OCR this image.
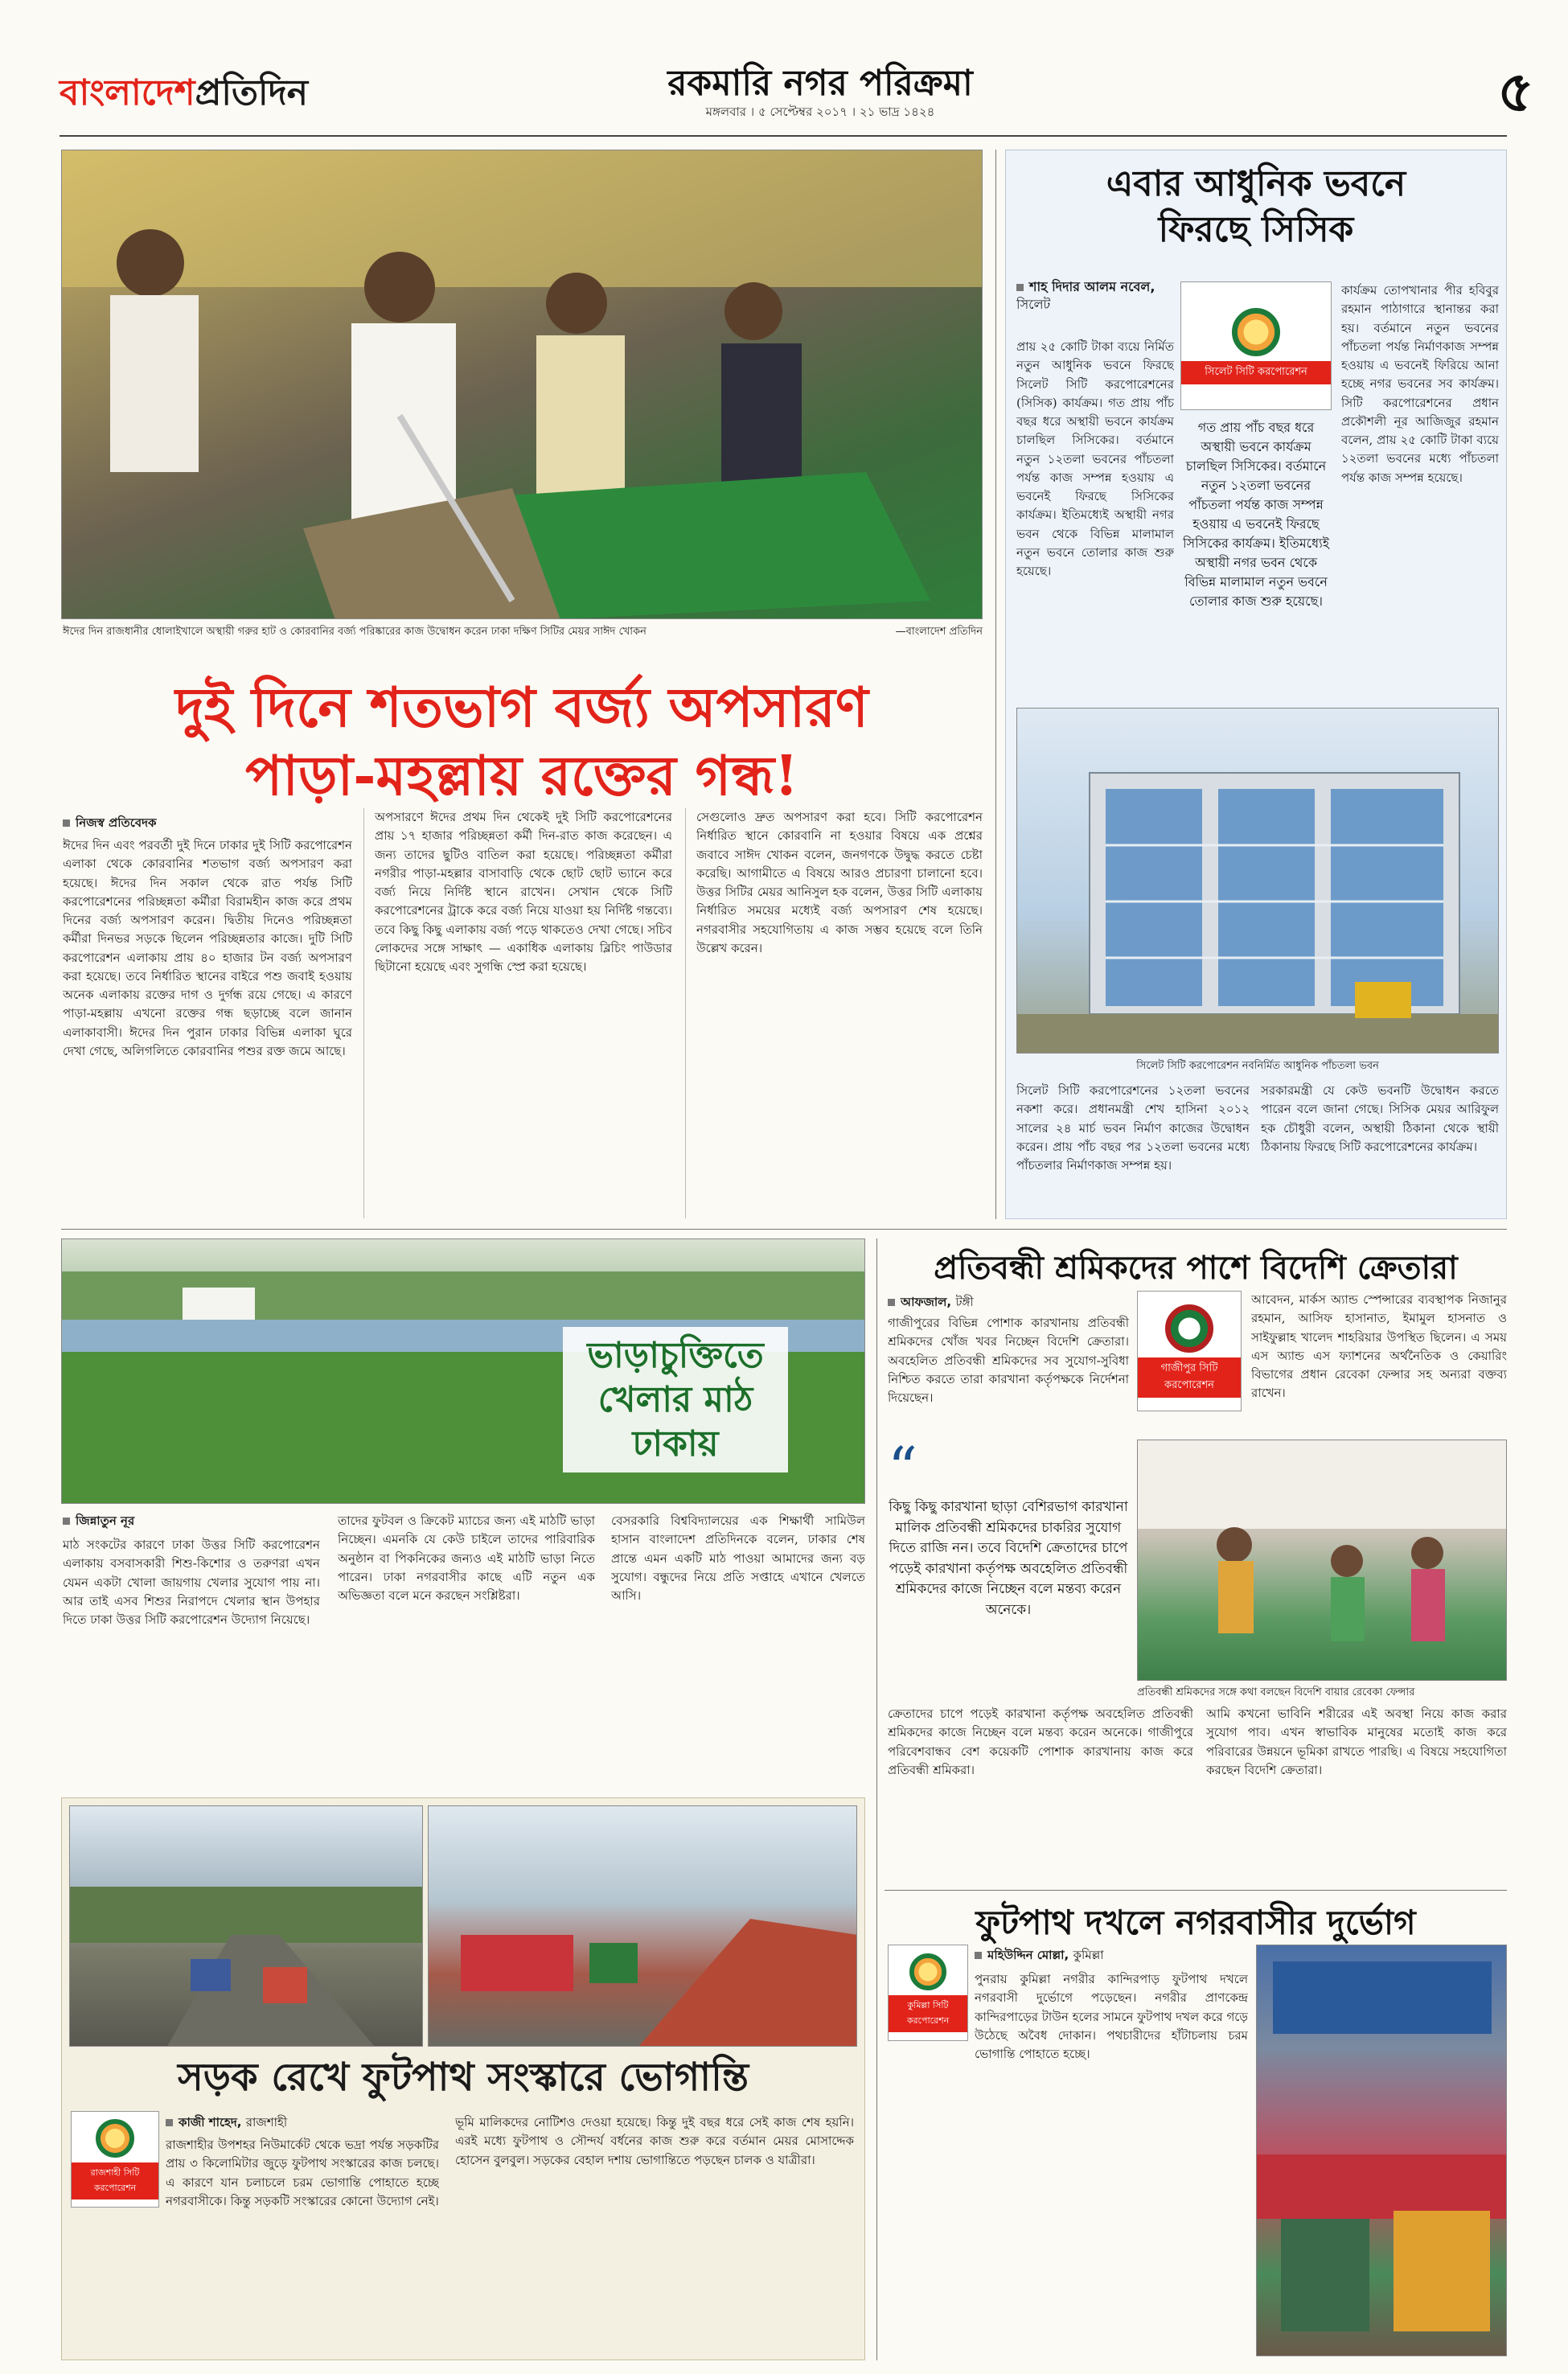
বাংলাদেশপ্রতিদিন	রকমারি নগর পরিক্রমা
মঙ্গলবার । ৫ সেপ্টেম্বর ২০১৭ । ২১ ভাদ্র ১৪২৪	৫
ঈদের দিন রাজধানীর ধোলাইখালে অস্থায়ী গরুর হাট ও কোরবানির বর্জ্য পরিষ্কারের কাজ উদ্বোধন করেন ঢাকা দক্ষিণ সিটির মেয়র সাঈদ খোকন	—বাংলাদেশ প্রতিদিন
দুই দিনে শতভাগ বর্জ্য অপসারণ
পাড়া-মহল্লায় রক্তের গন্ধ!
নিজস্ব প্রতিবেদক
ঈদের দিন এবং পরবর্তী দুই দিনে ঢাকার দুই সিটি করপোরেশন এলাকা থেকে কোরবানির শতভাগ বর্জ্য অপসারণ করা হয়েছে। ঈদের দিন সকাল থেকে রাত পর্যন্ত সিটি করপোরেশনের পরিচ্ছন্নতা কর্মীরা বিরামহীন কাজ করে প্রথম দিনের বর্জ্য অপসারণ করেন। দ্বিতীয় দিনেও পরিচ্ছন্নতা কর্মীরা দিনভর সড়কে ছিলেন পরিচ্ছন্নতার কাজে। দুটি সিটি করপোরেশন এলাকায় প্রায় ৪০ হাজার টন বর্জ্য অপসারণ করা হয়েছে। তবে নির্ধারিত স্থানের বাইরে পশু জবাই হওয়ায় অনেক এলাকায় রক্তের দাগ ও দুর্গন্ধ রয়ে গেছে। এ কারণে পাড়া-মহল্লায় এখনো রক্তের গন্ধ ছড়াচ্ছে বলে জানান এলাকাবাসী। ঈদের দিন পুরান ঢাকার বিভিন্ন এলাকা ঘুরে দেখা গেছে, অলিগলিতে কোরবানির পশুর রক্ত জমে আছে।
অপসারণে ঈদের প্রথম দিন থেকেই দুই সিটি করপোরেশনের প্রায় ১৭ হাজার পরিচ্ছন্নতা কর্মী দিন-রাত কাজ করেছেন। এ জন্য তাদের ছুটিও বাতিল করা হয়েছে। পরিচ্ছন্নতা কর্মীরা নগরীর পাড়া-মহল্লার বাসাবাড়ি থেকে ছোট ছোট ভ্যানে করে বর্জ্য নিয়ে নির্দিষ্ট স্থানে রাখেন। সেখান থেকে সিটি করপোরেশনের ট্রাকে করে বর্জ্য নিয়ে যাওয়া হয় নির্দিষ্ট গন্তব্যে। তবে কিছু কিছু এলাকায় বর্জ্য পড়ে থাকতেও দেখা গেছে। সচিব লোকদের সঙ্গে সাক্ষাৎ — একাধিক এলাকায় ব্লিচিং পাউডার ছিটানো হয়েছে এবং সুগন্ধি স্প্রে করা হয়েছে।
সেগুলোও দ্রুত অপসারণ করা হবে। সিটি করপোরেশন নির্ধারিত স্থানে কোরবানি না হওয়ার বিষয়ে এক প্রশ্নের জবাবে সাঈদ খোকন বলেন, জনগণকে উদ্বুদ্ধ করতে চেষ্টা করেছি। আগামীতে এ বিষয়ে আরও প্রচারণা চালানো হবে। উত্তর সিটির মেয়র আনিসুল হক বলেন, উত্তর সিটি এলাকায় নির্ধারিত সময়ের মধ্যেই বর্জ্য অপসারণ শেষ হয়েছে। নগরবাসীর সহযোগিতায় এ কাজ সম্ভব হয়েছে বলে তিনি উল্লেখ করেন।
এবার আধুনিক ভবনে
ফিরছে সিসিক
শাহ দিদার আলম নবেল, সিলেট
প্রায় ২৫ কোটি টাকা ব্যয়ে নির্মিত নতুন আধুনিক ভবনে ফিরছে সিলেট সিটি করপোরেশনের (সিসিক) কার্যক্রম। গত প্রায় পাঁচ বছর ধরে অস্থায়ী ভবনে কার্যক্রম চালছিল সিসিকের। বর্তমানে নতুন ১২তলা ভবনের পাঁচতলা পর্যন্ত কাজ সম্পন্ন হওয়ায় এ ভবনেই ফিরছে সিসিকের কার্যক্রম। ইতিমধ্যেই অস্থায়ী নগর ভবন থেকে বিভিন্ন মালামাল নতুন ভবনে তোলার কাজ শুরু হয়েছে।
সিলেট সিটি করপোরেশন
গত প্রায় পাঁচ বছর ধরে অস্থায়ী ভবনে কার্যক্রম চালছিল সিসিকের। বর্তমানে নতুন ১২তলা ভবনের পাঁচতলা পর্যন্ত কাজ সম্পন্ন হওয়ায় এ ভবনেই ফিরছে সিসিকের কার্যক্রম। ইতিমধ্যেই অস্থায়ী নগর ভবন থেকে বিভিন্ন মালামাল নতুন ভবনে তোলার কাজ শুরু হয়েছে।
কার্যক্রম তোপখানার পীর হবিবুর রহমান পাঠাগারে স্থানান্তর করা হয়। বর্তমানে নতুন ভবনের পাঁচতলা পর্যন্ত নির্মাণকাজ সম্পন্ন হওয়ায় এ ভবনেই ফিরিয়ে আনা হচ্ছে নগর ভবনের সব কার্যক্রম। সিটি করপোরেশনের প্রধান প্রকৌশলী নূর আজিজুর রহমান বলেন, প্রায় ২৫ কোটি টাকা ব্যয়ে ১২তলা ভবনের মধ্যে পাঁচতলা পর্যন্ত কাজ সম্পন্ন হয়েছে।
সিলেট সিটি করপোরেশন নবনির্মিত আধুনিক পাঁচতলা ভবন
সিলেট সিটি করপোরেশনের ১২তলা ভবনের নকশা করে। প্রধানমন্ত্রী শেখ হাসিনা ২০১২ সালের ২৪ মার্চ ভবন নির্মাণ কাজের উদ্বোধন করেন। প্রায় পাঁচ বছর পর ১২তলা ভবনের মধ্যে পাঁচতলার নির্মাণকাজ সম্পন্ন হয়।
সরকারমন্ত্রী যে কেউ ভবনটি উদ্বোধন করতে পারেন বলে জানা গেছে। সিসিক মেয়র আরিফুল হক চৌধুরী বলেন, অস্থায়ী ঠিকানা থেকে স্থায়ী ঠিকানায় ফিরছে সিটি করপোরেশনের কার্যক্রম।
ভাড়াচুক্তিতে খেলার মাঠ ঢাকায়
জিন্নাতুন নূর
মাঠ সংকটের কারণে ঢাকা উত্তর সিটি করপোরেশন এলাকায় বসবাসকারী শিশু-কিশোর ও তরুণরা এখন যেমন একটা খোলা জায়গায় খেলার সুযোগ পায় না। আর তাই এসব শিশুর নিরাপদে খেলার স্থান উপহার দিতে ঢাকা উত্তর সিটি করপোরেশন উদ্যোগ নিয়েছে।
তাদের ফুটবল ও ক্রিকেট ম্যাচের জন্য এই মাঠটি ভাড়া নিচ্ছেন। এমনকি যে কেউ চাইলে তাদের পারিবারিক অনুষ্ঠান বা পিকনিকের জন্যও এই মাঠটি ভাড়া নিতে পারেন। ঢাকা নগরবাসীর কাছে এটি নতুন এক অভিজ্ঞতা বলে মনে করছেন সংশ্লিষ্টরা।
বেসরকারি বিশ্ববিদ্যালয়ের এক শিক্ষার্থী সামিউল হাসান বাংলাদেশ প্রতিদিনকে বলেন, ঢাকার শেষ প্রান্তে এমন একটি মাঠ পাওয়া আমাদের জন্য বড় সুযোগ। বন্ধুদের নিয়ে প্রতি সপ্তাহে এখানে খেলতে আসি।
সড়ক রেখে ফুটপাথ সংস্কারে ভোগান্তি
রাজশাহী সিটি করপোরেশন
কাজী শাহেদ, রাজশাহী
রাজশাহীর উপশহর নিউমার্কেট থেকে ভদ্রা পর্যন্ত সড়কটির প্রায় ৩ কিলোমিটার জুড়ে ফুটপাথ সংস্কারের কাজ চলছে। এ কারণে যান চলাচলে চরম ভোগান্তি পোহাতে হচ্ছে নগরবাসীকে। কিন্তু সড়কটি সংস্কারের কোনো উদ্যোগ নেই।
ভূমি মালিকদের নোটিশও দেওয়া হয়েছে। কিন্তু দুই বছর ধরে সেই কাজ শেষ হয়নি। এরই মধ্যে ফুটপাথ ও সৌন্দর্য বর্ধনের কাজ শুরু করে বর্তমান মেয়র মোসাদ্দেক হোসেন বুলবুল। সড়কের বেহাল দশায় ভোগান্তিতে পড়ছেন চালক ও যাত্রীরা।
প্রতিবন্ধী শ্রমিকদের পাশে বিদেশি ক্রেতারা
আফজাল, টঙ্গী
গাজীপুরের বিভিন্ন পোশাক কারখানায় প্রতিবন্ধী শ্রমিকদের খোঁজ খবর নিচ্ছেন বিদেশি ক্রেতারা। অবহেলিত প্রতিবন্ধী শ্রমিকদের সব সুযোগ-সুবিধা নিশ্চিত করতে তারা কারখানা কর্তৃপক্ষকে নির্দেশনা দিয়েছেন।
গাজীপুর সিটি করপোরেশন
আবেদন, মার্কস অ্যান্ড স্পেন্সারের ব্যবস্থাপক নিজানুর রহমান, আসিফ হাসানাত, ইমামুল হাসনাত ও সাইফুল্লাহ খালেদ শাহরিয়ার উপস্থিত ছিলেন। এ সময় এস অ্যান্ড এস ফ্যাশনের অর্থনৈতিক ও কেয়ারিং বিভাগের প্রধান রেবেকা ফেন্সার সহ অন্যরা বক্তব্য রাখেন।
“
কিছু কিছু কারখানা ছাড়া বেশিরভাগ কারখানা মালিক প্রতিবন্ধী শ্রমিকদের চাকরির সুযোগ দিতে রাজি নন। তবে বিদেশি ক্রেতাদের চাপে পড়েই কারখানা কর্তৃপক্ষ অবহেলিত প্রতিবন্ধী শ্রমিকদের কাজে নিচ্ছেন বলে মন্তব্য করেন অনেকে।
প্রতিবন্ধী শ্রমিকদের সঙ্গে কথা বলছেন বিদেশি বায়ার রেবেকা ফেন্সার
ক্রেতাদের চাপে পড়েই কারখানা কর্তৃপক্ষ অবহেলিত প্রতিবন্ধী শ্রমিকদের কাজে নিচ্ছেন বলে মন্তব্য করেন অনেকে। গাজীপুরে পরিবেশবান্ধব বেশ কয়েকটি পোশাক কারখানায় কাজ করে প্রতিবন্ধী শ্রমিকরা।
আমি কখনো ভাবিনি শরীরের এই অবস্থা নিয়ে কাজ করার সুযোগ পাব। এখন স্বাভাবিক মানুষের মতোই কাজ করে পরিবারের উন্নয়নে ভূমিকা রাখতে পারছি। এ বিষয়ে সহযোগিতা করছেন বিদেশি ক্রেতারা।
ফুটপাথ দখলে নগরবাসীর দুর্ভোগ
কুমিল্লা সিটি করপোরেশন
মহিউদ্দিন মোল্লা, কুমিল্লা
পুনরায় কুমিল্লা নগরীর কান্দিরপাড় ফুটপাথ দখলে নগরবাসী দুর্ভোগে পড়েছেন। নগরীর প্রাণকেন্দ্র কান্দিরপাড়ের টাউন হলের সামনে ফুটপাথ দখল করে গড়ে উঠেছে অবৈধ দোকান। পথচারীদের হাঁটাচলায় চরম ভোগান্তি পোহাতে হচ্ছে।
